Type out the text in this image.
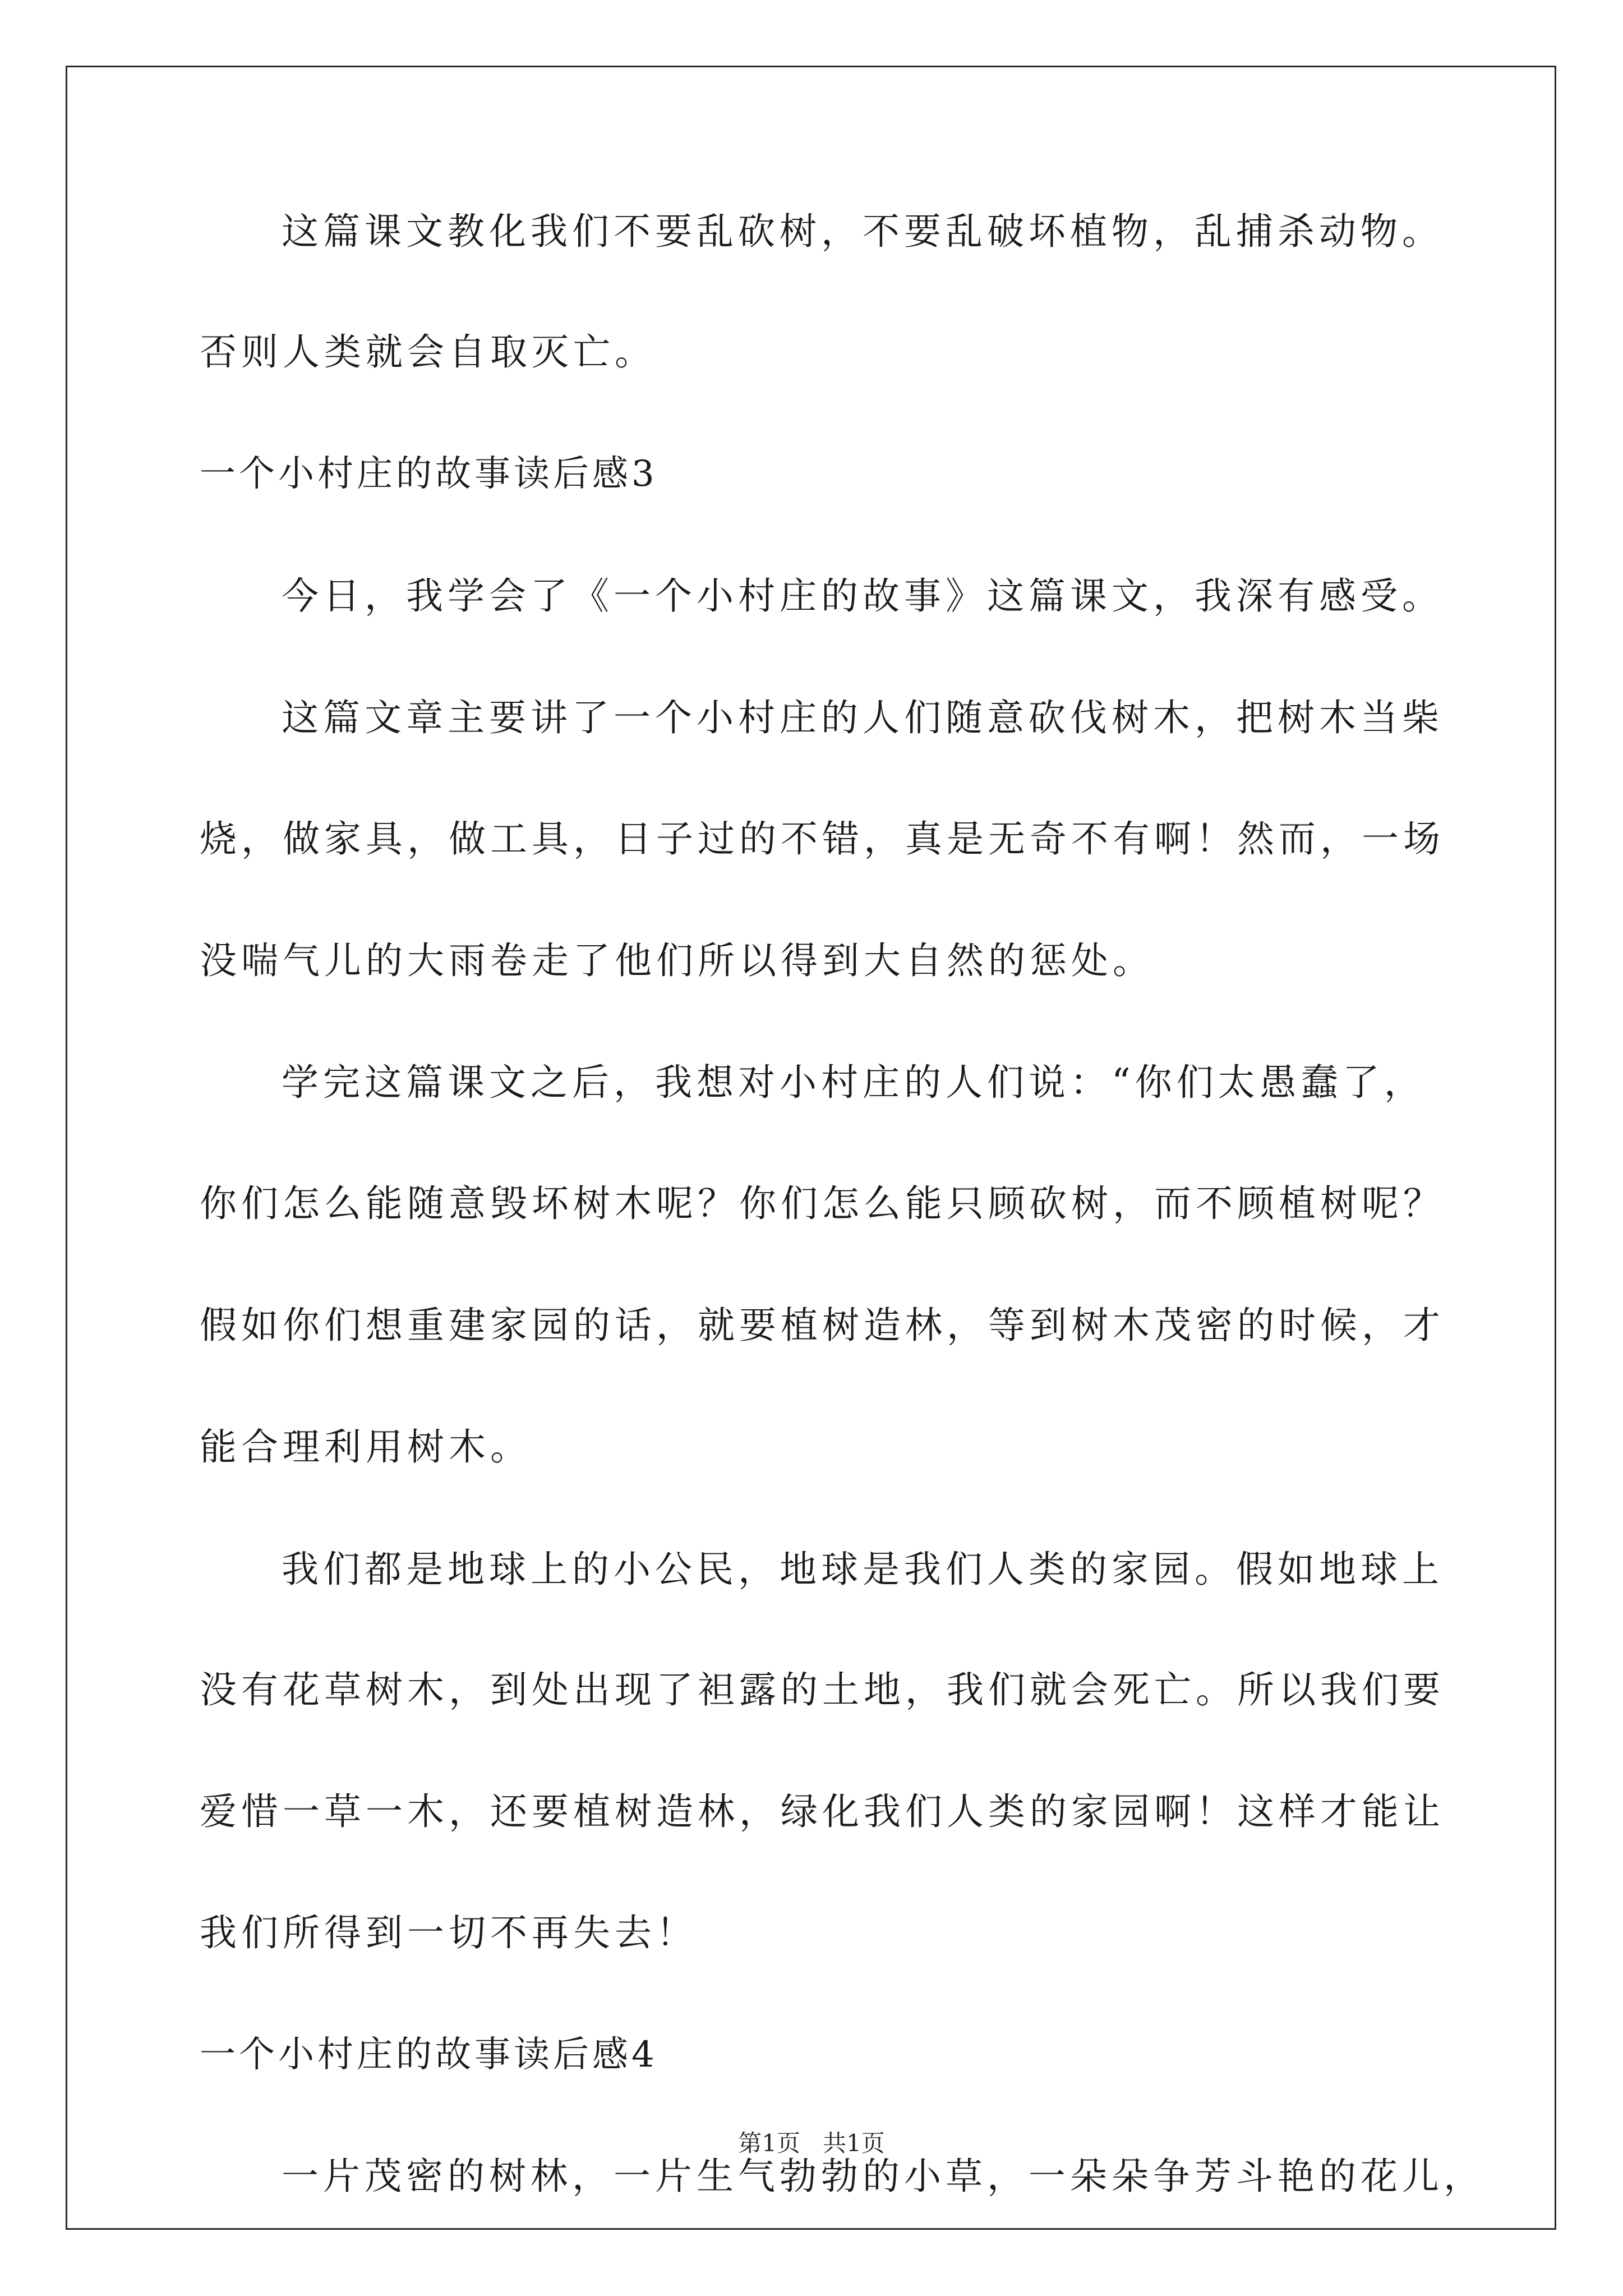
这篇课文教化我们不要乱砍树，不要乱破坏植物，乱捕杀动物。
否则人类就会自取灭亡。
一个小村庄的故事读后感3
今日，我学会了《一个小村庄的故事》这篇课文，我深有感受。
这篇文章主要讲了一个小村庄的人们随意砍伐树木，把树木当柴
烧，做家具，做工具，日子过的不错，真是无奇不有啊！然而，一场
没喘气儿的大雨卷走了他们所以得到大自然的惩处。
学完这篇课文之后，我想对小村庄的人们说：“你们太愚蠢了，
你们怎么能随意毁坏树木呢？你们怎么能只顾砍树，而不顾植树呢？
假如你们想重建家园的话，就要植树造林，等到树木茂密的时候，才
能合理利用树木。
我们都是地球上的小公民，地球是我们人类的家园。假如地球上
没有花草树木，到处出现了袒露的土地，我们就会死亡。所以我们要
爱惜一草一木，还要植树造林，绿化我们人类的家园啊！这样才能让
我们所得到一切不再失去！
一个小村庄的故事读后感4
一片茂密的树林，一片生气勃勃的小草，一朵朵争芳斗艳的花儿，
第1页   共1页
